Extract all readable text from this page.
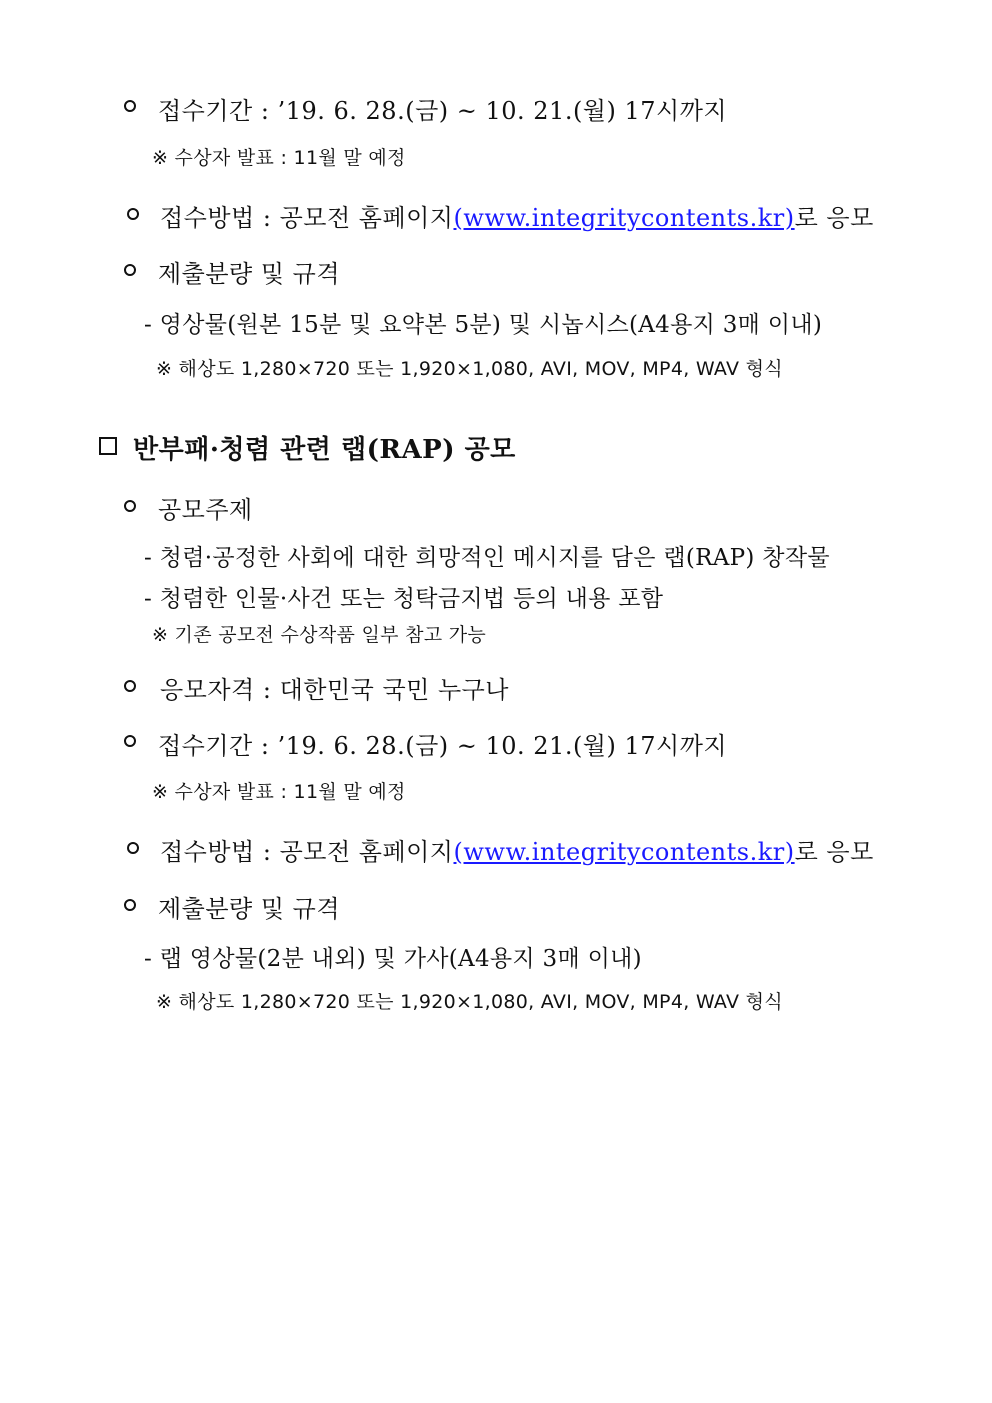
접수기간 : ’19. 6. 28.(금) ~ 10. 21.(월) 17시까지
※ 수상자 발표 : 11월 말 예정
접수방법 : 공모전 홈페이지(www.integritycontents.kr)로 응모
제출분량 및 규격
- 영상물(원본 15분 및 요약본 5분) 및 시놉시스(A4용지 3매 이내)
※ 해상도 1,280×720 또는 1,920×1,080, AVI, MOV, MP4, WAV 형식
반부패·청렴 관련 랩(RAP) 공모
공모주제
- 청렴·공정한 사회에 대한 희망적인 메시지를 담은 랩(RAP) 창작물
- 청렴한 인물·사건 또는 청탁금지법 등의 내용 포함
※ 기존 공모전 수상작품 일부 참고 가능
응모자격 : 대한민국 국민 누구나
접수기간 : ’19. 6. 28.(금) ~ 10. 21.(월) 17시까지
※ 수상자 발표 : 11월 말 예정
접수방법 : 공모전 홈페이지(www.integritycontents.kr)로 응모
제출분량 및 규격
- 랩 영상물(2분 내외) 및 가사(A4용지 3매 이내)
※ 해상도 1,280×720 또는 1,920×1,080, AVI, MOV, MP4, WAV 형식
